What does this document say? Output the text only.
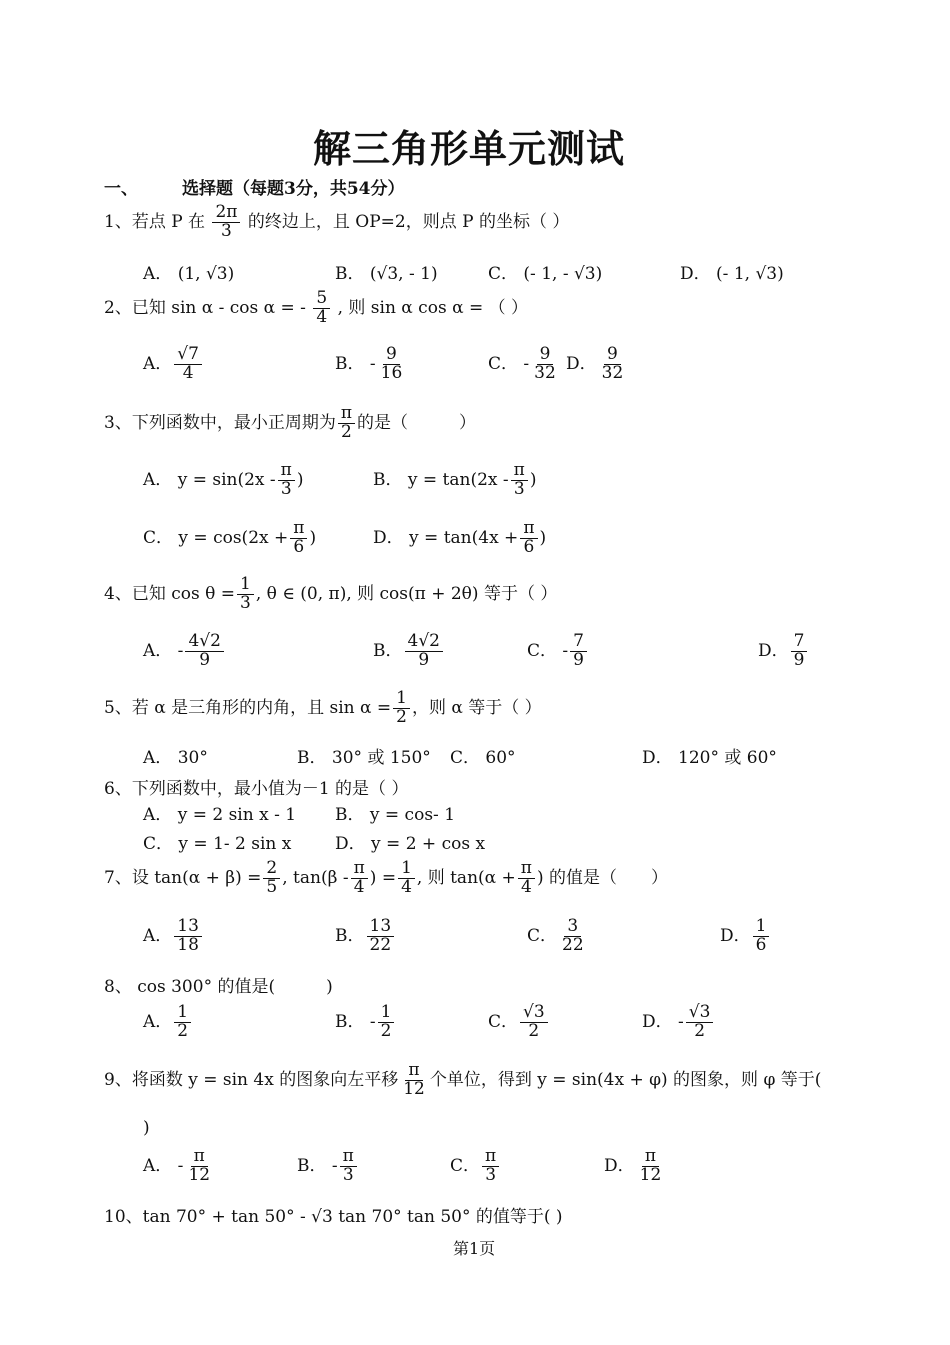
解三角形单元测试
一、	选择题（每题3分，共54分）
1、若点 P 在 $\frac{2\pi}{3}$ 的终边上，且 OP=2，则点 P 的坐标（ ）
A． (1, √3)	B． (√3, - 1)	C． (- 1, - √3)	D． (- 1, √3)
2、已知 sin α - cos α = - $\frac{5}{4}$ , 则 sin α cos α = （ ）
A． $\frac{√7}{4}$	B． - $\frac{9}{16}$	C． - $\frac{9}{32}$ D． $\frac{9}{32}$
3、下列函数中，最小正周期为 $\frac{\pi}{2}$ 的是（　　　）
A． $y = \sin(2x - \frac{\pi}{3}$ )	B． $y = \tan(2x - \frac{\pi}{3}$ )
C． $y = \cos(2x + \frac{\pi}{6}$ )	D． $y = \tan(4x + \frac{\pi}{6}$ )
4、已知 $\cos \theta = \frac{1}{3}$ , θ ∈ (0, π), 则 cos(π + 2θ) 等于（ ）
A． - $\frac{4√2}{9}$	B． $\frac{4√2}{9}$	C． - $\frac{7}{9}$	D． $\frac{7}{9}$
5、若 α 是三角形的内角，且 $\sin \alpha = \frac{1}{2}$ ，则 α 等于（ ）
A． 30°	B． 30° 或 150° C． 60°	D． 120° 或 60°
6、下列函数中，最小值为－1 的是（ ）
A． y = 2 sin x - 1 B． y = cos- 1
C． y = 1- 2 sin x	D． y = 2 + cos x
7、设 $\tan(\alpha + \beta) = \frac{2}{5}$ , $\tan(\beta - \frac{\pi}{4}$ ) = $\frac{1}{4}$ , 则 $\tan(\alpha + \frac{\pi}{4}$ ) 的值是（　　）
A． $\frac{13}{18}$	B． $\frac{13}{22}$	C． $\frac{3}{22}$	D． $\frac{1}{6}$
8、 cos 300° 的值是(　　　)
A． $\frac{1}{2}$	B． - $\frac{1}{2}$	C． $\frac{√3}{2}$	D． - $\frac{√3}{2}$
9、将函数 y = sin 4x 的图象向左平移 $\frac{\pi}{12}$ 个单位，得到 y = sin(4x + φ) 的图象，则 φ 等于(
)
A． - $\frac{\pi}{12}$	B． - $\frac{\pi}{3}$	C． $\frac{\pi}{3}$	D． $\frac{\pi}{12}$
10、tan 70° + tan 50° - √3 tan 70° tan 50° 的值等于( )
第1页
